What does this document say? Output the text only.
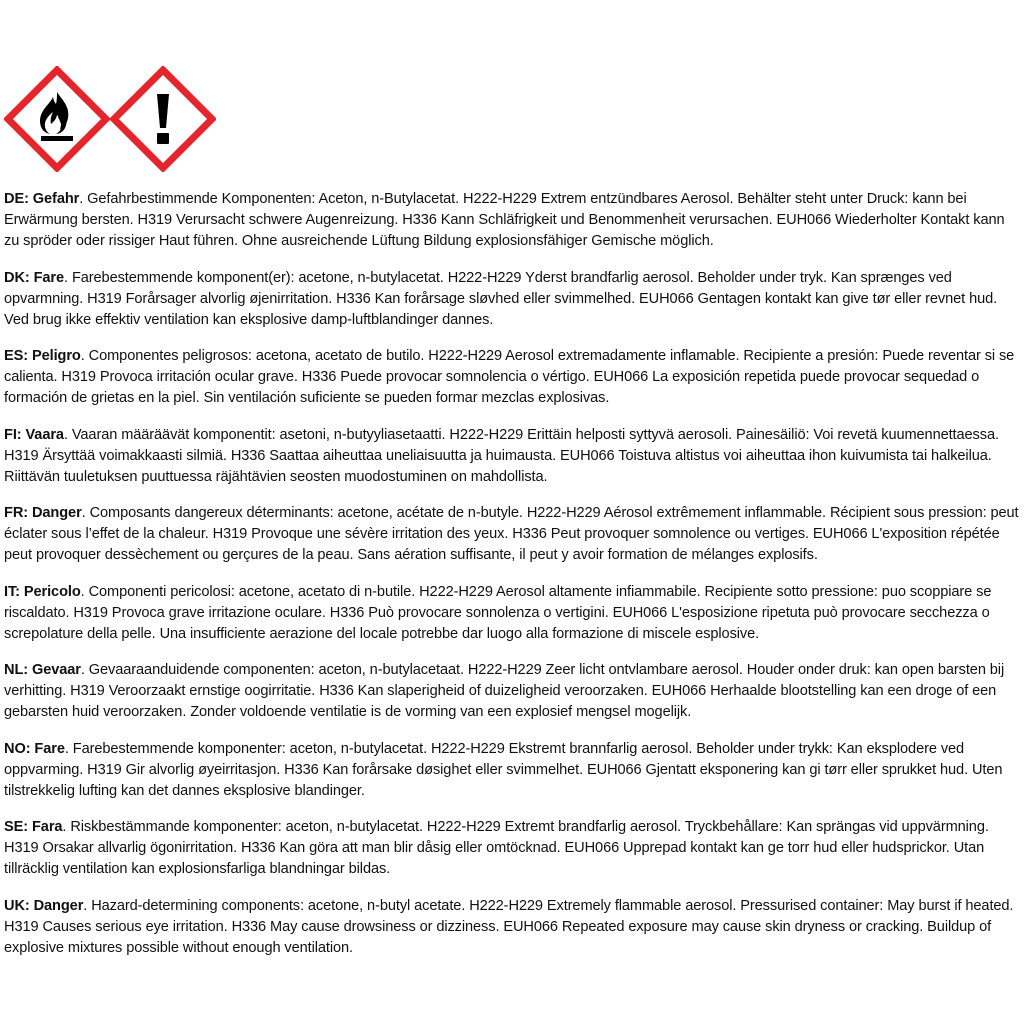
DE: Gefahr. Gefahrbestimmende Komponenten: Aceton, n-Butylacetat. H222-H229 Extrem entzündbares Aerosol. Behälter steht unter Druck: kann bei Erwärmung bersten. H319 Verursacht schwere Augenreizung. H336 Kann Schläfrigkeit und Benommenheit verursachen. EUH066 Wiederholter Kontakt kann zu spröder oder rissiger Haut führen. Ohne ausreichende Lüftung Bildung explosionsfähiger Gemische möglich.

DK: Fare. Farebestemmende komponent(er): acetone, n-butylacetat. H222-H229 Yderst brandfarlig aerosol. Beholder under tryk. Kan sprænges ved opvarmning. H319 Forårsager alvorlig øjenirritation. H336 Kan forårsage sløvhed eller svimmelhed. EUH066 Gentagen kontakt kan give tør eller revnet hud. Ved brug ikke effektiv ventilation kan eksplosive damp-luftblandinger dannes.

ES: Peligro. Componentes peligrosos: acetona, acetato de butilo. H222-H229 Aerosol extremadamente inflamable. Recipiente a presión: Puede reventar si se calienta. H319 Provoca irritación ocular grave. H336 Puede provocar somnolencia o vértigo. EUH066 La exposición repetida puede provocar sequedad o formación de grietas en la piel. Sin ventilación suficiente se pueden formar mezclas explosivas.

FI: Vaara. Vaaran määräävät komponentit: asetoni, n-butyyliasetaatti. H222-H229 Erittäin helposti syttyvä aerosoli. Painesäiliö: Voi revetä kuumennettaessa. H319 Ärsyttää voimakkaasti silmiä. H336 Saattaa aiheuttaa uneliaisuutta ja huimausta. EUH066 Toistuva altistus voi aiheuttaa ihon kuivumista tai halkeilua. Riittävän tuuletuksen puuttuessa räjähtävien seosten muodostuminen on mahdollista.

FR: Danger. Composants dangereux déterminants: acetone, acétate de n-butyle. H222-H229 Aérosol extrêmement inflammable. Récipient sous pression: peut éclater sous l’effet de la chaleur. H319 Provoque une sévère irritation des yeux. H336 Peut provoquer somnolence ou vertiges. EUH066 L'exposition répétée peut provoquer dessèchement ou gerçures de la peau. Sans aération suffisante, il peut y avoir formation de mélanges explosifs.

IT: Pericolo. Componenti pericolosi: acetone, acetato di n-butile. H222-H229 Aerosol altamente infiammabile. Recipiente sotto pressione: puo scoppiare se riscaldato. H319 Provoca grave irritazione oculare. H336 Può provocare sonnolenza o vertigini. EUH066 L'esposizione ripetuta può provocare secchezza o screpolature della pelle. Una insufficiente aerazione del locale potrebbe dar luogo alla formazione di miscele esplosive.

NL: Gevaar. Gevaaraanduidende componenten: aceton, n-butylacetaat. H222-H229 Zeer licht ontvlambare aerosol. Houder onder druk: kan open barsten bij verhitting. H319 Veroorzaakt ernstige oogirritatie. H336 Kan slaperigheid of duizeligheid veroorzaken. EUH066 Herhaalde blootstelling kan een droge of een gebarsten huid veroorzaken. Zonder voldoende ventilatie is de vorming van een explosief mengsel mogelijk.

NO: Fare. Farebestemmende komponenter: aceton, n-butylacetat. H222-H229 Ekstremt brannfarlig aerosol. Beholder under trykk: Kan eksplodere ved oppvarming. H319 Gir alvorlig øyeirritasjon. H336 Kan forårsake døsighet eller svimmelhet. EUH066 Gjentatt eksponering kan gi tørr eller sprukket hud. Uten tilstrekkelig lufting kan det dannes eksplosive blandinger.

SE: Fara. Riskbestämmande komponenter: aceton, n-butylacetat. H222-H229 Extremt brandfarlig aerosol. Tryckbehållare: Kan sprängas vid uppvärmning. H319 Orsakar allvarlig ögonirritation. H336 Kan göra att man blir dåsig eller omtöcknad. EUH066 Upprepad kontakt kan ge torr hud eller hudsprickor. Utan tillräcklig ventilation kan explosionsfarliga blandningar bildas.

UK: Danger. Hazard-determining components: acetone, n-butyl acetate. H222-H229 Extremely flammable aerosol. Pressurised container: May burst if heated. H319 Causes serious eye irritation. H336 May cause drowsiness or dizziness. EUH066 Repeated exposure may cause skin dryness or cracking. Buildup of explosive mixtures possible without enough ventilation.
